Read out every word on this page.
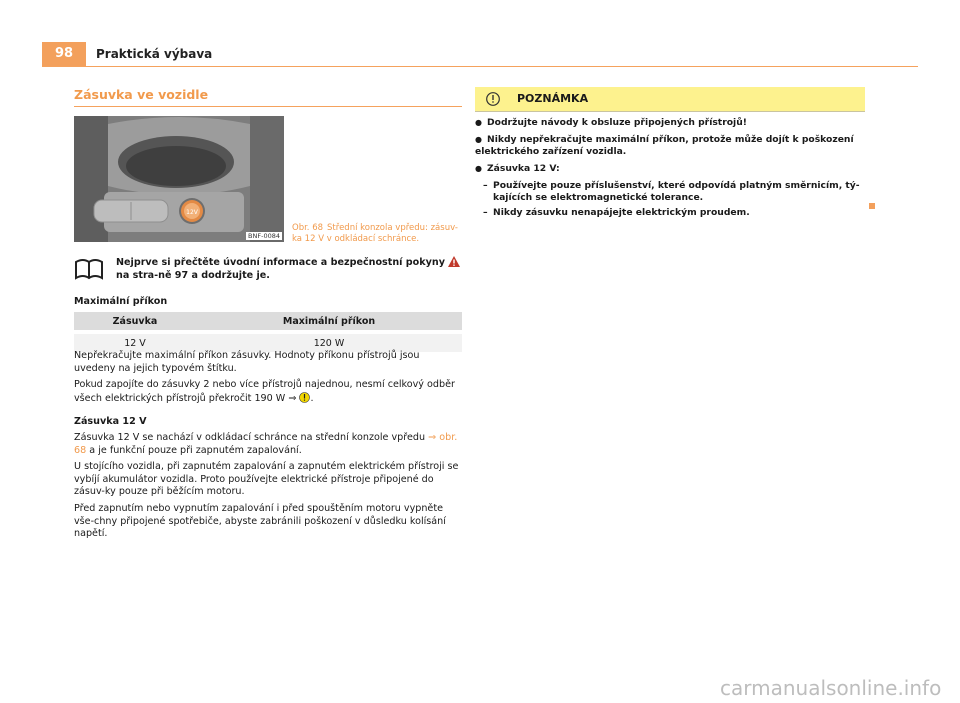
98	Praktická výbava
Zásuvka ve vozidle
12V
BNF-0084
Obr. 68 Střední konzola vpředu: zásuv-ka 12 V v odkládací schránce.
Nejprve si přečtěte úvodní informace a bezpečnostní pokyny  na stra-ně 97 a dodržujte je.
Maximální příkon
Zásuvka	Maximální příkon

12 V	120 W
Nepřekračujte maximální příkon zásuvky. Hodnoty příkonu přístrojů jsou uvedeny na jejich typovém štítku.
Pokud zapojíte do zásuvky 2 nebo více přístrojů najednou, nesmí celkový odběr všech elektrických přístrojů překročit 190 W ⇒ .
Zásuvka 12 V
Zásuvka 12 V se nachází v odkládací schránce na střední konzole vpředu ⇒ obr. 68 a je funkční pouze při zapnutém zapalování.
U stojícího vozidla, při zapnutém zapalování a zapnutém elektrickém přístroji se vybíjí akumulátor vozidla. Proto používejte elektrické přístroje připojené do zásuv-ky pouze při běžícím motoru.
Před zapnutím nebo vypnutím zapalování i před spouštěním motoru vypněte vše-chny připojené spotřebiče, abyste zabránili poškození v důsledku kolísání napětí.
POZNÁMKA
● Dodržujte návody k obsluze připojených přístrojů!
● Nikdy nepřekračujte maximální příkon, protože může dojít k poškození elektrického zařízení vozidla.
● Zásuvka 12 V:
– Používejte pouze příslušenství, které odpovídá platným směrnicím, tý-kajících se elektromagnetické tolerance.
– Nikdy zásuvku nenapájejte elektrickým proudem.
carmanualsonline.info
